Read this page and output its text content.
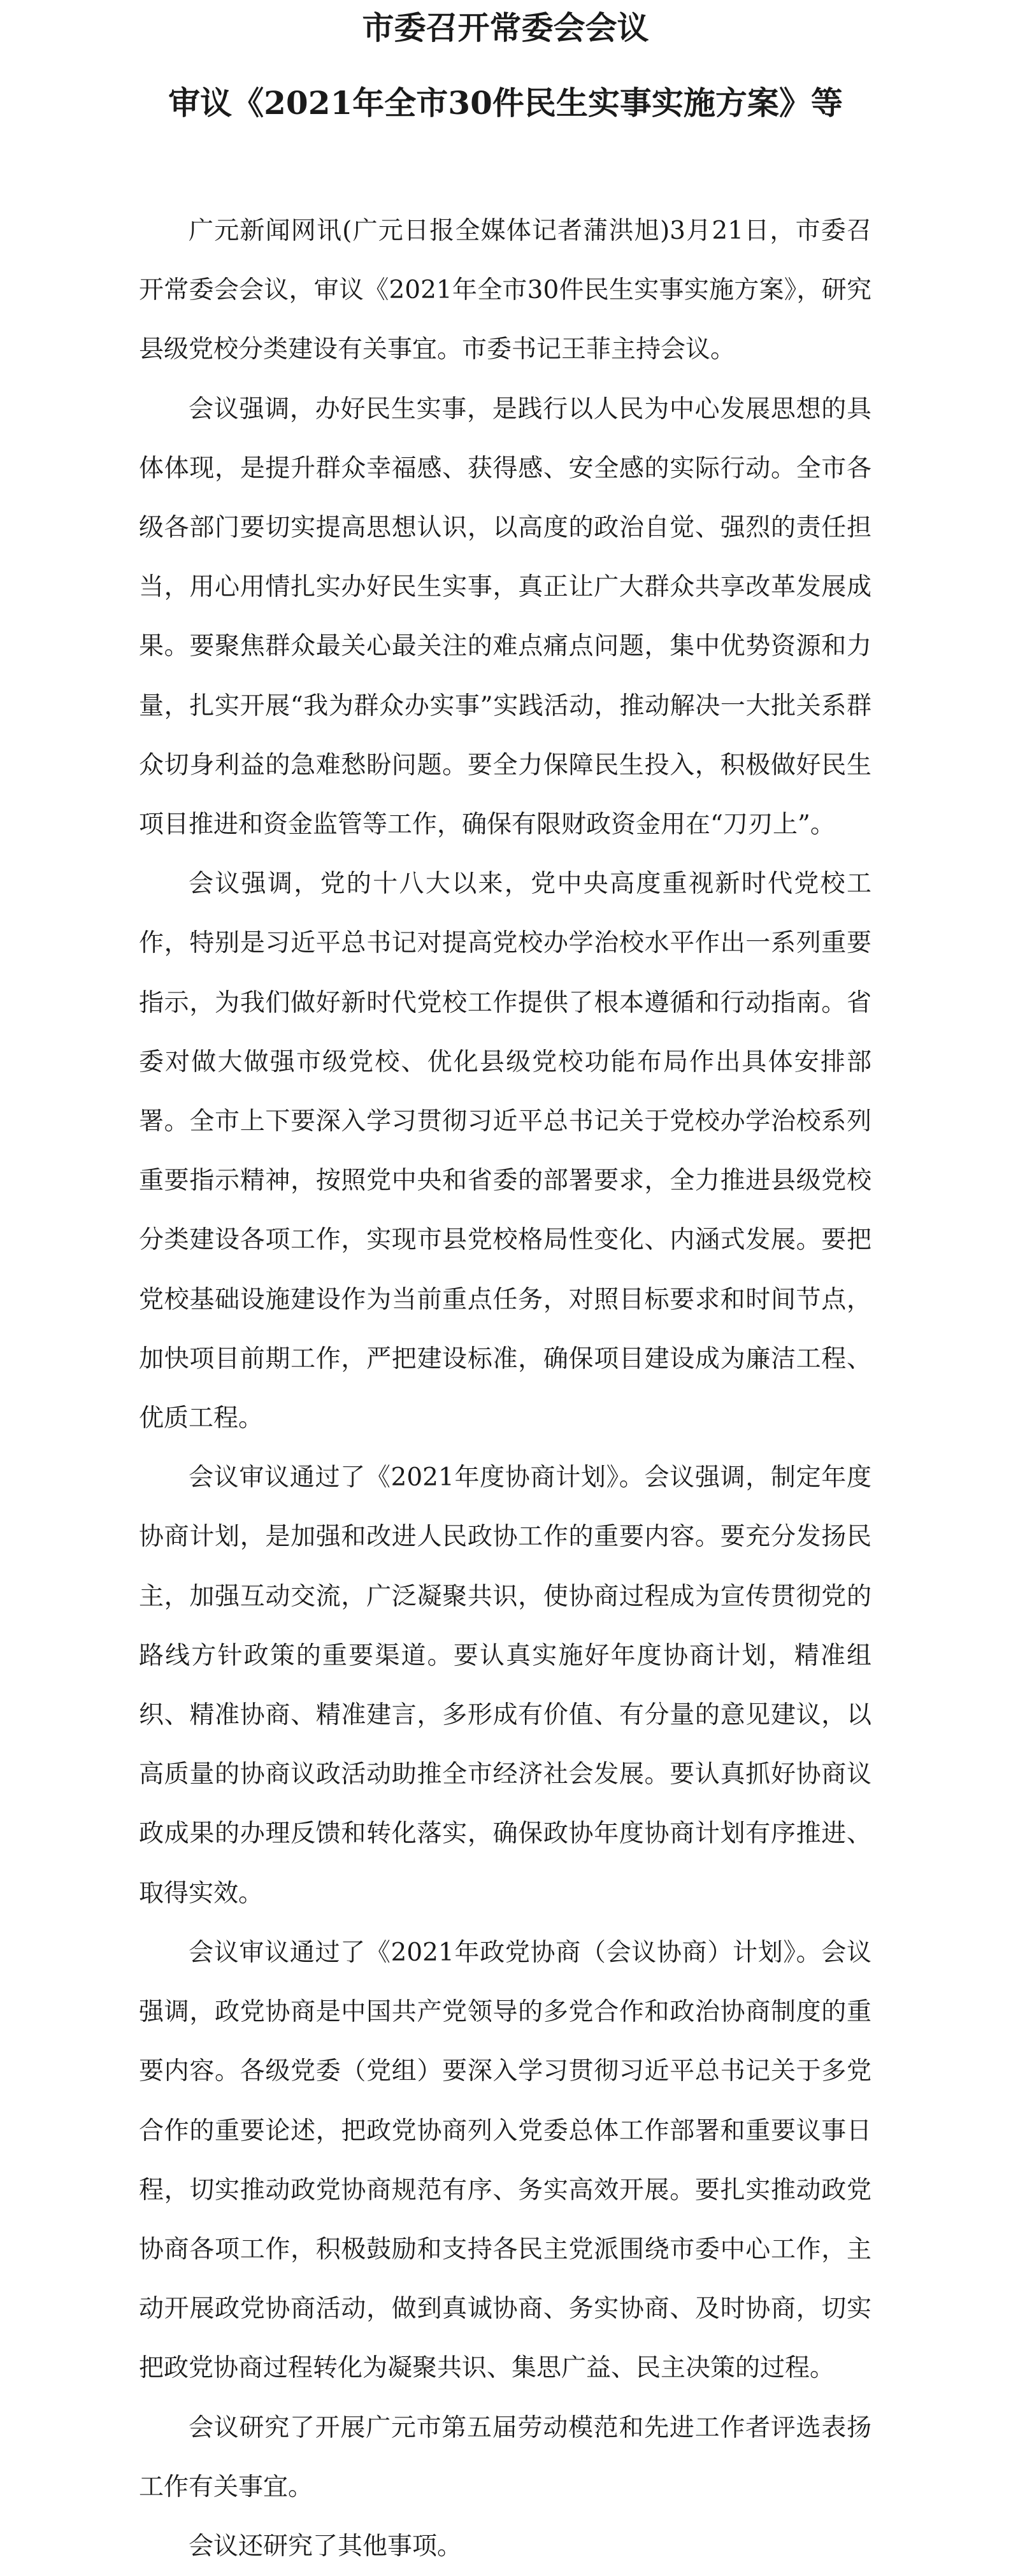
市委召开常委会会议
审议《2021年全市30件民生实事实施方案》等

广元新闻网讯(广元日报全媒体记者蒲洪旭)3月21日，市委召开常委会会议，审议《2021年全市30件民生实事实施方案》，研究县级党校分类建设有关事宜。市委书记王菲主持会议。

会议强调，办好民生实事，是践行以人民为中心发展思想的具体体现，是提升群众幸福感、获得感、安全感的实际行动。全市各级各部门要切实提高思想认识，以高度的政治自觉、强烈的责任担当，用心用情扎实办好民生实事，真正让广大群众共享改革发展成果。要聚焦群众最关心最关注的难点痛点问题，集中优势资源和力量，扎实开展“我为群众办实事”实践活动，推动解决一大批关系群众切身利益的急难愁盼问题。要全力保障民生投入，积极做好民生项目推进和资金监管等工作，确保有限财政资金用在“刀刃上”。

会议强调，党的十八大以来，党中央高度重视新时代党校工作，特别是习近平总书记对提高党校办学治校水平作出一系列重要指示，为我们做好新时代党校工作提供了根本遵循和行动指南。省委对做大做强市级党校、优化县级党校功能布局作出具体安排部署。全市上下要深入学习贯彻习近平总书记关于党校办学治校系列重要指示精神，按照党中央和省委的部署要求，全力推进县级党校分类建设各项工作，实现市县党校格局性变化、内涵式发展。要把党校基础设施建设作为当前重点任务，对照目标要求和时间节点，加快项目前期工作，严把建设标准，确保项目建设成为廉洁工程、优质工程。

会议审议通过了《2021年度协商计划》。会议强调，制定年度协商计划，是加强和改进人民政协工作的重要内容。要充分发扬民主，加强互动交流，广泛凝聚共识，使协商过程成为宣传贯彻党的路线方针政策的重要渠道。要认真实施好年度协商计划，精准组织、精准协商、精准建言，多形成有价值、有分量的意见建议，以高质量的协商议政活动助推全市经济社会发展。要认真抓好协商议政成果的办理反馈和转化落实，确保政协年度协商计划有序推进、取得实效。

会议审议通过了《2021年政党协商（会议协商）计划》。会议强调，政党协商是中国共产党领导的多党合作和政治协商制度的重要内容。各级党委（党组）要深入学习贯彻习近平总书记关于多党合作的重要论述，把政党协商列入党委总体工作部署和重要议事日程，切实推动政党协商规范有序、务实高效开展。要扎实推动政党协商各项工作，积极鼓励和支持各民主党派围绕市委中心工作，主动开展政党协商活动，做到真诚协商、务实协商、及时协商，切实把政党协商过程转化为凝聚共识、集思广益、民主决策的过程。

会议研究了开展广元市第五届劳动模范和先进工作者评选表扬工作有关事宜。

会议还研究了其他事项。
